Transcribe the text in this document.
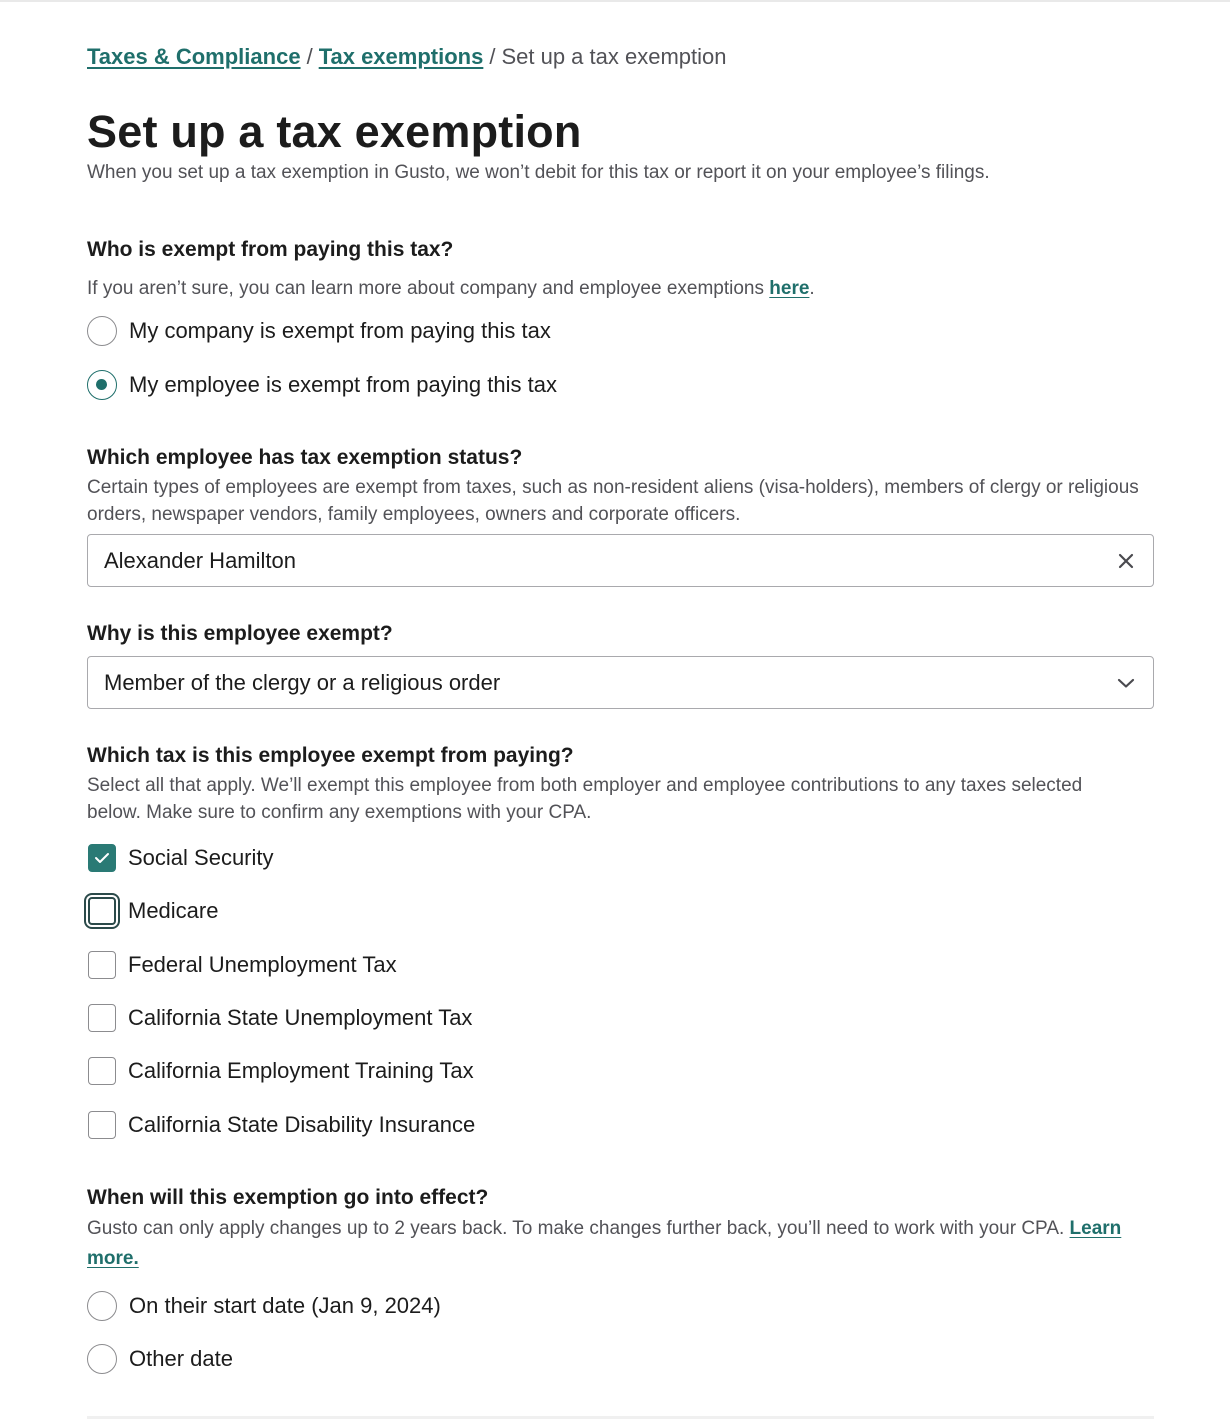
Taxes & Compliance / Tax exemptions / Set up a tax exemption
Set up a tax exemption
When you set up a tax exemption in Gusto, we won’t debit for this tax or report it on your employee’s filings.
Who is exempt from paying this tax?
If you aren’t sure, you can learn more about company and employee exemptions here.
My company is exempt from paying this tax
My employee is exempt from paying this tax
Which employee has tax exemption status?
Certain types of employees are exempt from taxes, such as non-resident aliens (visa-holders), members of clergy or religious orders, newspaper vendors, family employees, owners and corporate officers.
Alexander Hamilton
Why is this employee exempt?
Member of the clergy or a religious order
Which tax is this employee exempt from paying?
Select all that apply. We’ll exempt this employee from both employer and employee contributions to any taxes selected below. Make sure to confirm any exemptions with your CPA.
Social Security
Medicare
Federal Unemployment Tax
California State Unemployment Tax
California Employment Training Tax
California State Disability Insurance
When will this exemption go into effect?
Gusto can only apply changes up to 2 years back. To make changes further back, you’ll need to work with your CPA. Learn more.
On their start date (Jan 9, 2024)
Other date
